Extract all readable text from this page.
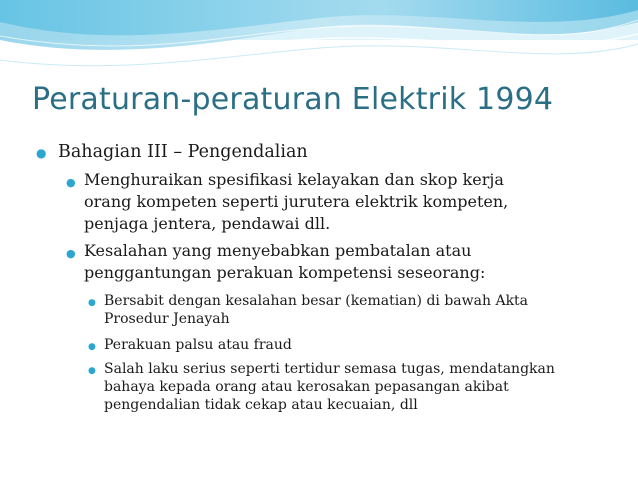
Peraturan-peraturan Elektrik 1994
● Bahagian III – Pengendalian
● Menghuraikan spesifikasi kelayakan dan skop kerja
orang kompeten seperti jurutera elektrik kompeten,
penjaga jentera, pendawai dll.
● Kesalahan yang menyebabkan pembatalan atau
penggantungan perakuan kompetensi seseorang:
● Bersabit dengan kesalahan besar (kematian) di bawah Akta
Prosedur Jenayah
● Perakuan palsu atau fraud
● Salah laku serius seperti tertidur semasa tugas, mendatangkan
bahaya kepada orang atau kerosakan pepasangan akibat
pengendalian tidak cekap atau kecuaian, dll
